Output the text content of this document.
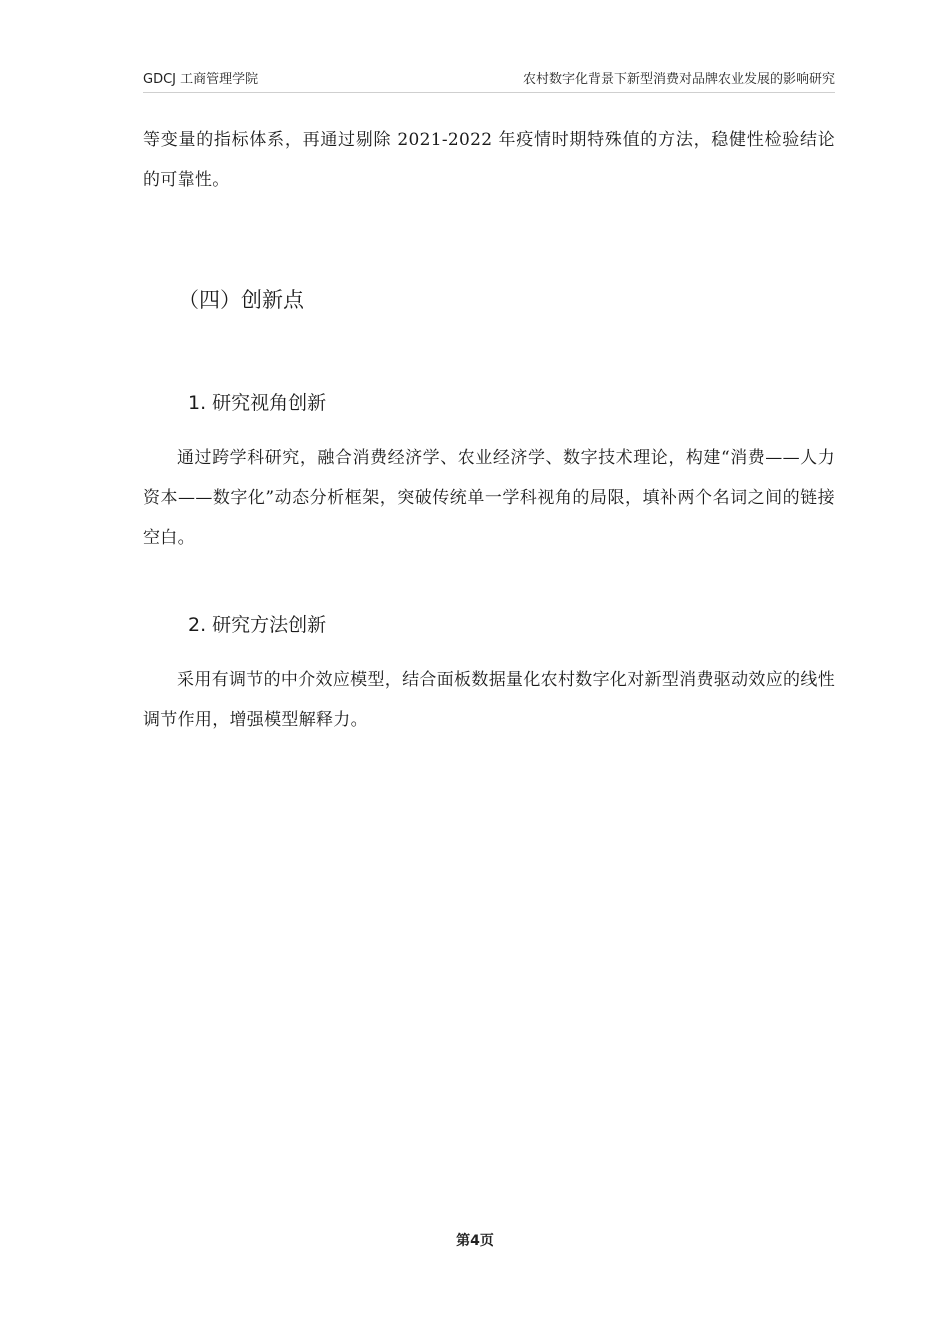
GDCJ 工商管理学院	农村数字化背景下新型消费对品牌农业发展的影响研究

等变量的指标体系，再通过剔除 2021-2022 年疫情时期特殊值的方法，稳健性检验结论的可靠性。

（四）创新点
1. 研究视角创新

通过跨学科研究，融合消费经济学、农业经济学、数字技术理论，构建“消费——人力资本——数字化”动态分析框架，突破传统单一学科视角的局限，填补两个名词之间的链接空白。

2. 研究方法创新

采用有调节的中介效应模型，结合面板数据量化农村数字化对新型消费驱动效应的线性调节作用，增强模型解释力。

第4页
